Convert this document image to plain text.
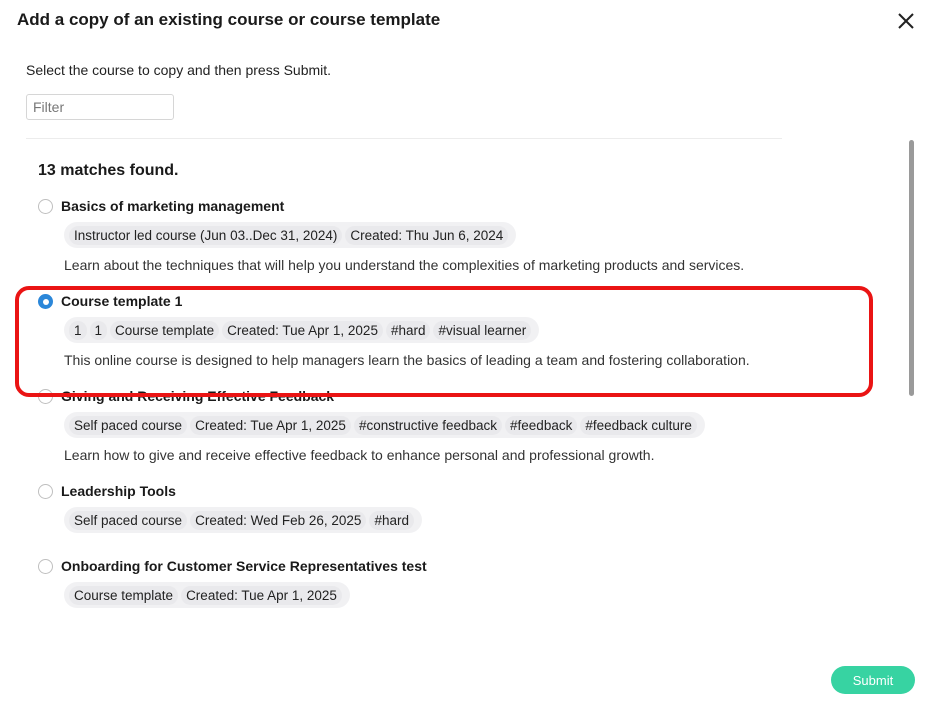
Add a copy of an existing course or course template
Select the course to copy and then press Submit.
Filter
13 matches found.
Basics of marketing management
Instructor led course (Jun 03..Dec 31, 2024) Created: Thu Jun 6, 2024
Learn about the techniques that will help you understand the complexities of marketing products and services.
Course template 1
1 1 Course template Created: Tue Apr 1, 2025 #hard #visual learner
This online course is designed to help managers learn the basics of leading a team and fostering collaboration.
Giving and Receiving Effective Feedback
Self paced course Created: Tue Apr 1, 2025 #constructive feedback #feedback #feedback culture
Learn how to give and receive effective feedback to enhance personal and professional growth.
Leadership Tools
Self paced course Created: Wed Feb 26, 2025 #hard
Onboarding for Customer Service Representatives test
Course template Created: Tue Apr 1, 2025
Submit
